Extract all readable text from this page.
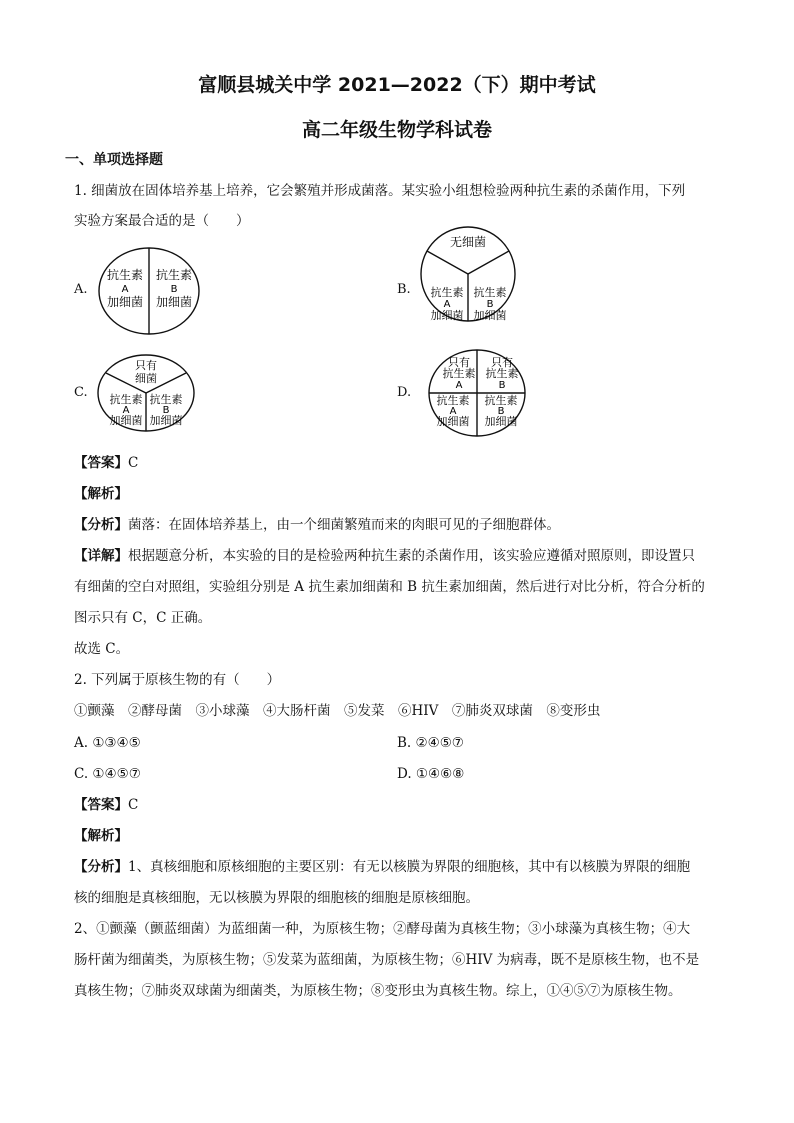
富顺县城关中学 2021—2022（下）期中考试
高二年级生物学科试卷
一、单项选择题
1. 细菌放在固体培养基上培养，它会繁殖并形成菌落。某实验小组想检验两种抗生素的杀菌作用，下列
实验方案最合适的是（　　）
A.
抗生素
A
加细菌
抗生素
B
加细菌
B.
无细菌
抗生素
A
加细菌
抗生素
B
加细菌
C.
只有
细菌
抗生素
A
加细菌
抗生素
B
加细菌
D.
只有
抗生素
A
只有
抗生素
B
抗生素
A
加细菌
抗生素
B
加细菌
【答案】C
【解析】
【分析】菌落：在固体培养基上，由一个细菌繁殖而来的肉眼可见的子细胞群体。
【详解】根据题意分析，本实验的目的是检验两种抗生素的杀菌作用，该实验应遵循对照原则，即设置只
有细菌的空白对照组，实验组分别是 A 抗生素加细菌和 B 抗生素加细菌，然后进行对比分析，符合分析的
图示只有 C，C 正确。
故选 C。
2. 下列属于原核生物的有（　　）
①颤藻　②酵母菌　③小球藻　④大肠杆菌　⑤发菜　⑥HIV　⑦肺炎双球菌　⑧变形虫
A. ①③④⑤	B. ②④⑤⑦
C. ①④⑤⑦	D. ①④⑥⑧
【答案】C
【解析】
【分析】1、真核细胞和原核细胞的主要区别：有无以核膜为界限的细胞核，其中有以核膜为界限的细胞
核的细胞是真核细胞，无以核膜为界限的细胞核的细胞是原核细胞。
2、①颤藻（颤蓝细菌）为蓝细菌一种，为原核生物；②酵母菌为真核生物；③小球藻为真核生物；④大
肠杆菌为细菌类，为原核生物；⑤发菜为蓝细菌，为原核生物；⑥HIV 为病毒，既不是原核生物，也不是
真核生物；⑦肺炎双球菌为细菌类，为原核生物；⑧变形虫为真核生物。综上，①④⑤⑦为原核生物。
